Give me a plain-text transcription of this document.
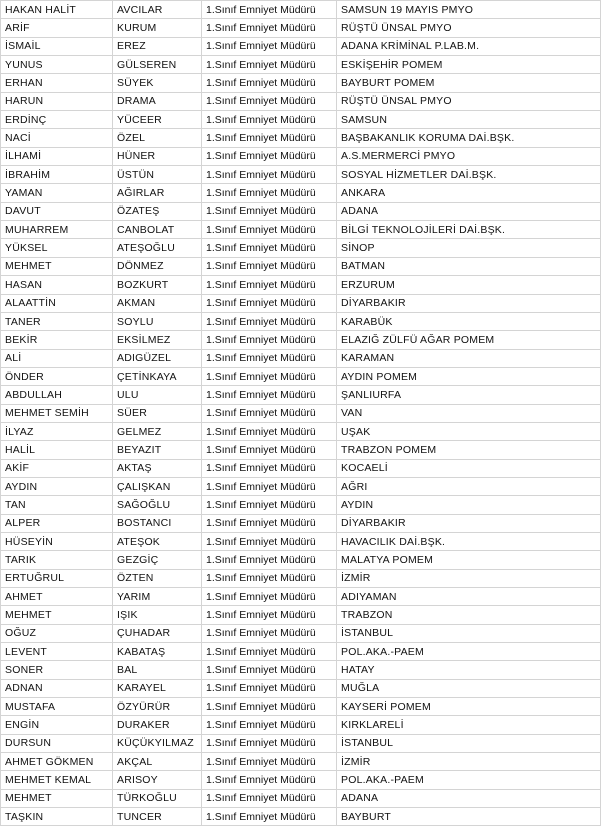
HAKAN HALİT	AVCILAR	1.Sınıf Emniyet Müdürü	SAMSUN 19 MAYIS PMYO
ARİF	KURUM	1.Sınıf Emniyet Müdürü	RÜŞTÜ ÜNSAL PMYO
İSMAİL	EREZ	1.Sınıf Emniyet Müdürü	ADANA KRİMİNAL P.LAB.M.
YUNUS	GÜLSEREN	1.Sınıf Emniyet Müdürü	ESKİŞEHİR POMEM
ERHAN	SÜYEK	1.Sınıf Emniyet Müdürü	BAYBURT POMEM
HARUN	DRAMA	1.Sınıf Emniyet Müdürü	RÜŞTÜ ÜNSAL PMYO
ERDİNÇ	YÜCEER	1.Sınıf Emniyet Müdürü	SAMSUN
NACİ	ÖZEL	1.Sınıf Emniyet Müdürü	BAŞBAKANLIK KORUMA DAİ.BŞK.
İLHAMİ	HÜNER	1.Sınıf Emniyet Müdürü	A.S.MERMERCİ PMYO
İBRAHİM	ÜSTÜN	1.Sınıf Emniyet Müdürü	SOSYAL HİZMETLER DAİ.BŞK.
YAMAN	AĞIRLAR	1.Sınıf Emniyet Müdürü	ANKARA
DAVUT	ÖZATEŞ	1.Sınıf Emniyet Müdürü	ADANA
MUHARREM	CANBOLAT	1.Sınıf Emniyet Müdürü	BİLGİ TEKNOLOJİLERİ DAİ.BŞK.
YÜKSEL	ATEŞOĞLU	1.Sınıf Emniyet Müdürü	SİNOP
MEHMET	DÖNMEZ	1.Sınıf Emniyet Müdürü	BATMAN
HASAN	BOZKURT	1.Sınıf Emniyet Müdürü	ERZURUM
ALAATTİN	AKMAN	1.Sınıf Emniyet Müdürü	DİYARBAKIR
TANER	SOYLU	1.Sınıf Emniyet Müdürü	KARABÜK
BEKİR	EKSİLMEZ	1.Sınıf Emniyet Müdürü	ELAZIĞ ZÜLFÜ AĞAR POMEM
ALİ	ADIGÜZEL	1.Sınıf Emniyet Müdürü	KARAMAN
ÖNDER	ÇETİNKAYA	1.Sınıf Emniyet Müdürü	AYDIN POMEM
ABDULLAH	ULU	1.Sınıf Emniyet Müdürü	ŞANLIURFA
MEHMET SEMİH	SÜER	1.Sınıf Emniyet Müdürü	VAN
İLYAZ	GELMEZ	1.Sınıf Emniyet Müdürü	UŞAK
HALİL	BEYAZIT	1.Sınıf Emniyet Müdürü	TRABZON POMEM
AKİF	AKTAŞ	1.Sınıf Emniyet Müdürü	KOCAELİ
AYDIN	ÇALIŞKAN	1.Sınıf Emniyet Müdürü	AĞRI
TAN	SAĞOĞLU	1.Sınıf Emniyet Müdürü	AYDIN
ALPER	BOSTANCI	1.Sınıf Emniyet Müdürü	DİYARBAKIR
HÜSEYİN	ATEŞOK	1.Sınıf Emniyet Müdürü	HAVACILIK DAİ.BŞK.
TARIK	GEZGİÇ	1.Sınıf Emniyet Müdürü	MALATYA POMEM
ERTUĞRUL	ÖZTEN	1.Sınıf Emniyet Müdürü	İZMİR
AHMET	YARIM	1.Sınıf Emniyet Müdürü	ADIYAMAN
MEHMET	IŞIK	1.Sınıf Emniyet Müdürü	TRABZON
OĞUZ	ÇUHADAR	1.Sınıf Emniyet Müdürü	İSTANBUL
LEVENT	KABATAŞ	1.Sınıf Emniyet Müdürü	POL.AKA.-PAEM
SONER	BAL	1.Sınıf Emniyet Müdürü	HATAY
ADNAN	KARAYEL	1.Sınıf Emniyet Müdürü	MUĞLA
MUSTAFA	ÖZYÜRÜR	1.Sınıf Emniyet Müdürü	KAYSERİ POMEM
ENGİN	DURAKER	1.Sınıf Emniyet Müdürü	KIRKLARELİ
DURSUN	KÜÇÜKYILMAZ	1.Sınıf Emniyet Müdürü	İSTANBUL
AHMET GÖKMEN	AKÇAL	1.Sınıf Emniyet Müdürü	İZMİR
MEHMET KEMAL	ARISOY	1.Sınıf Emniyet Müdürü	POL.AKA.-PAEM
MEHMET	TÜRKOĞLU	1.Sınıf Emniyet Müdürü	ADANA
TAŞKIN	TUNCER	1.Sınıf Emniyet Müdürü	BAYBURT
